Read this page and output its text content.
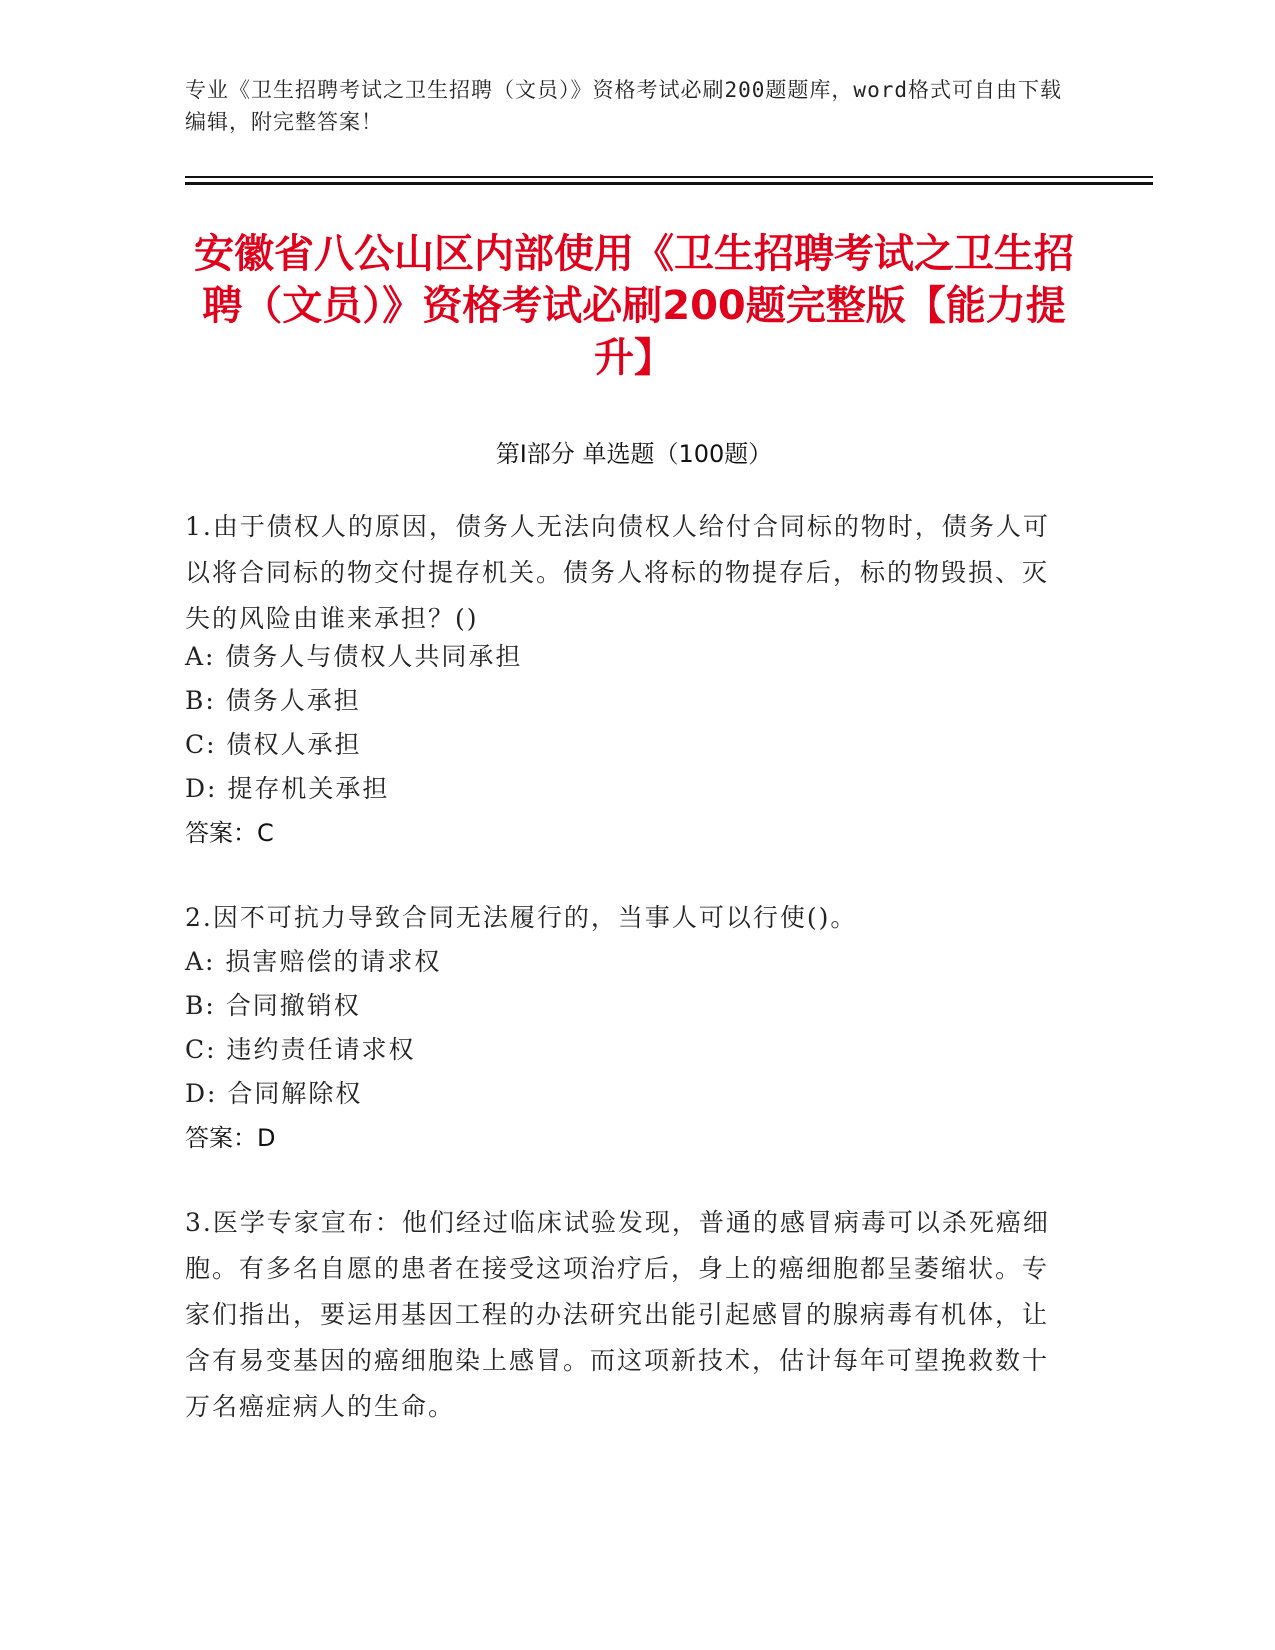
专业《卫生招聘考试之卫生招聘（文员）》资格考试必刷200题题库，word格式可自由下载编辑，附完整答案！
安徽省八公山区内部使用《卫生招聘考试之卫生招聘（文员）》资格考试必刷200题完整版【能力提升】
第Ⅰ部分 单选题（100题）
1.由于债权人的原因，债务人无法向债权人给付合同标的物时，债务人可以将合同标的物交付提存机关。债务人将标的物提存后，标的物毁损、灭失的风险由谁来承担？()
A: 债务人与债权人共同承担
B: 债务人承担
C: 债权人承担
D: 提存机关承担
答案：C
2.因不可抗力导致合同无法履行的，当事人可以行使()。
A: 损害赔偿的请求权
B: 合同撤销权
C: 违约责任请求权
D: 合同解除权
答案：D
3.医学专家宣布：他们经过临床试验发现，普通的感冒病毒可以杀死癌细胞。有多名自愿的患者在接受这项治疗后，身上的癌细胞都呈萎缩状。专家们指出，要运用基因工程的办法研究出能引起感冒的腺病毒有机体，让含有易变基因的癌细胞染上感冒。而这项新技术，估计每年可望挽救数十万名癌症病人的生命。
